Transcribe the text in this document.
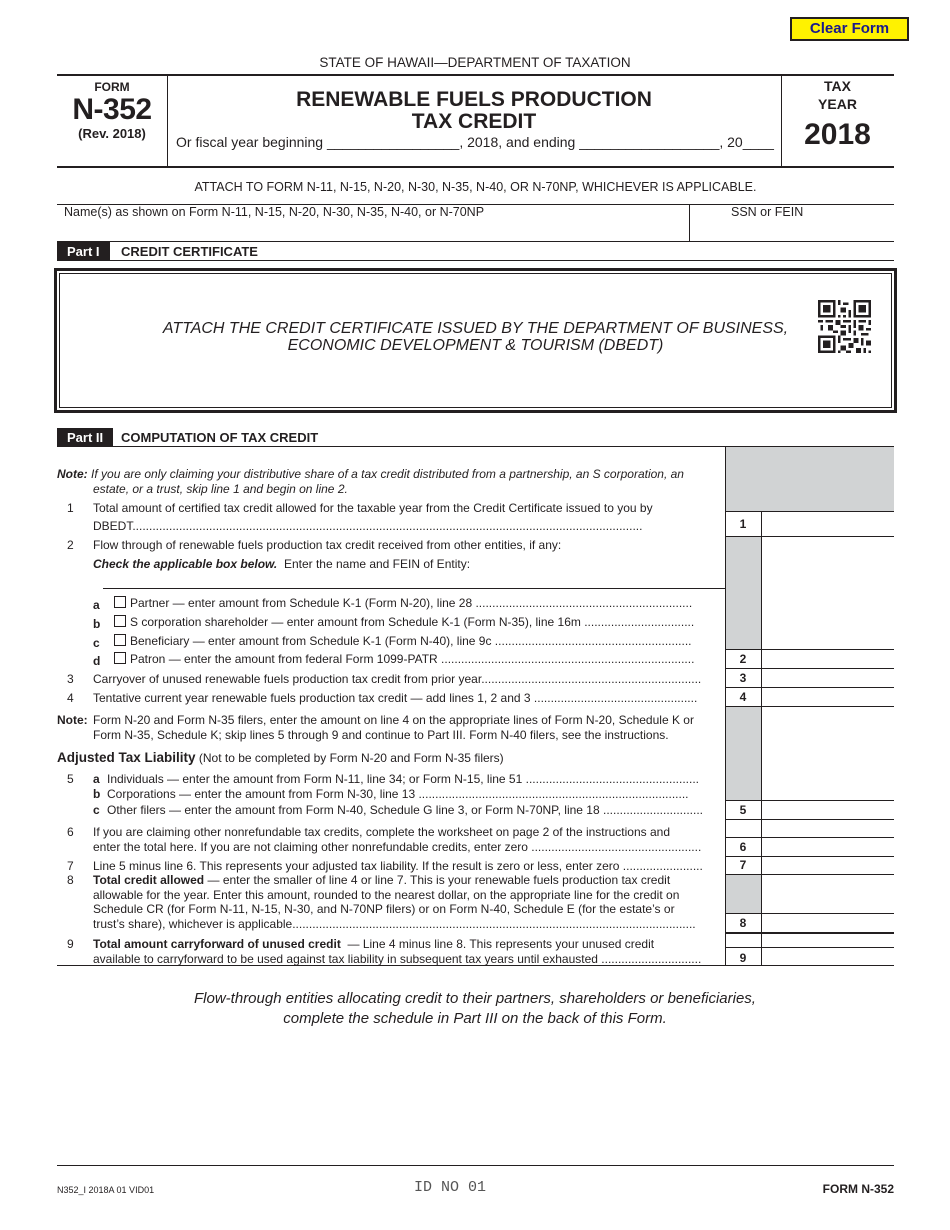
Clear Form
STATE OF HAWAII—DEPARTMENT OF TAXATION
FORM
N-352
(Rev. 2018)
RENEWABLE FUELS PRODUCTION
TAX CREDIT
Or fiscal year beginning _________________, 2018, and ending __________________, 20____
TAX
YEAR
2018
ATTACH TO FORM N-11, N-15, N-20, N-30, N-35, N-40, OR N-70NP, WHICHEVER IS APPLICABLE.
Name(s) as shown on Form N-11, N-15, N-20, N-30, N-35, N-40, or N-70NP	SSN or FEIN
Part I	CREDIT CERTIFICATE
ATTACH THE CREDIT CERTIFICATE ISSUED BY THE DEPARTMENT OF BUSINESS,
ECONOMIC DEVELOPMENT & TOURISM (DBEDT)
Part II	COMPUTATION OF TAX CREDIT
1
2
3
4
5
6
7
8
9
Note: If you are only claiming your distributive share of a tax credit distributed from a partnership, an S corporation, an
estate, or a trust, skip line 1 and begin on line 2.
1 Total amount of certified tax credit allowed for the taxable year from the Credit Certificate issued to you by
DBEDT.........................................................................................................................................................
2 Flow through of renewable fuels production tax credit received from other entities, if any:
Check the applicable box below. Enter the name and FEIN of Entity:
a	Partner — enter amount from Schedule K-1 (Form N-20), line 28 .................................................................
b	S corporation shareholder — enter amount from Schedule K-1 (Form N-35), line 16m .................................
c	Beneficiary — enter amount from Schedule K-1 (Form N-40), line 9c ...........................................................
d	Patron — enter the amount from federal Form 1099-PATR ............................................................................
3 Carryover of unused renewable fuels production tax credit from prior year..................................................................
4 Tentative current year renewable fuels production tax credit — add lines 1, 2 and 3 .................................................
Note: Form N-20 and Form N-35 filers, enter the amount on line 4 on the appropriate lines of Form N-20, Schedule K or
Form N-35, Schedule K; skip lines 5 through 9 and continue to Part III. Form N-40 filers, see the instructions.
Adjusted Tax Liability (Not to be completed by Form N-20 and Form N-35 filers)
5 a Individuals — enter the amount from Form N-11, line 34; or Form N-15, line 51 ....................................................
b Corporations — enter the amount from Form N-30, line 13 .................................................................................
c Other filers — enter the amount from Form N-40, Schedule G line 3, or Form N-70NP, line 18 ..............................
6 If you are claiming other nonrefundable tax credits, complete the worksheet on page 2 of the instructions and
enter the total here. If you are not claiming other nonrefundable credits, enter zero ...................................................
7 Line 5 minus line 6. This represents your adjusted tax liability. If the result is zero or less, enter zero ........................
8 Total credit allowed — enter the smaller of line 4 or line 7. This is your renewable fuels production tax credit
allowable for the year. Enter this amount, rounded to the nearest dollar, on the appropriate line for the credit on
Schedule CR (for Form N-11, N-15, N-30, and N-70NP filers) or on Form N-40, Schedule E (for the estate’s or
trust’s share), whichever is applicable.........................................................................................................................
9 Total amount carryforward of unused credit — Line 4 minus line 8. This represents your unused credit
available to carryforward to be used against tax liability in subsequent tax years until exhausted ..............................
Flow-through entities allocating credit to their partners, shareholders or beneficiaries,
complete the schedule in Part III on the back of this Form.
N352_I 2018A 01 VID01	ID NO 01	FORM N-352
